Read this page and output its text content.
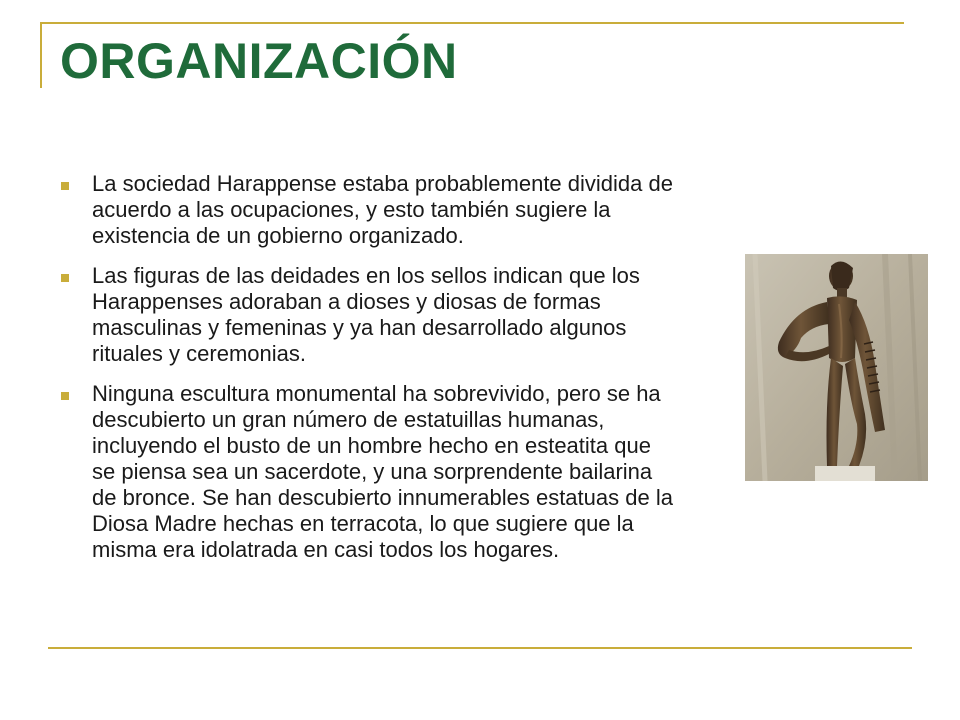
ORGANIZACIÓN
La sociedad Harappense estaba probablemente dividida de acuerdo a las ocupaciones, y esto también sugiere la existencia de un gobierno organizado.
Las figuras de las deidades en los sellos indican que los Harappenses adoraban a dioses y diosas de formas masculinas y femeninas y ya han desarrollado algunos rituales y ceremonias.
Ninguna escultura monumental ha sobrevivido, pero se ha descubierto un gran número de estatuillas humanas, incluyendo el busto de un hombre hecho en esteatita que se piensa sea un sacerdote, y una sorprendente bailarina de bronce. Se han descubierto innumerables estatuas de la Diosa Madre hechas en terracota, lo que sugiere que la misma era idolatrada en casi todos los hogares.
